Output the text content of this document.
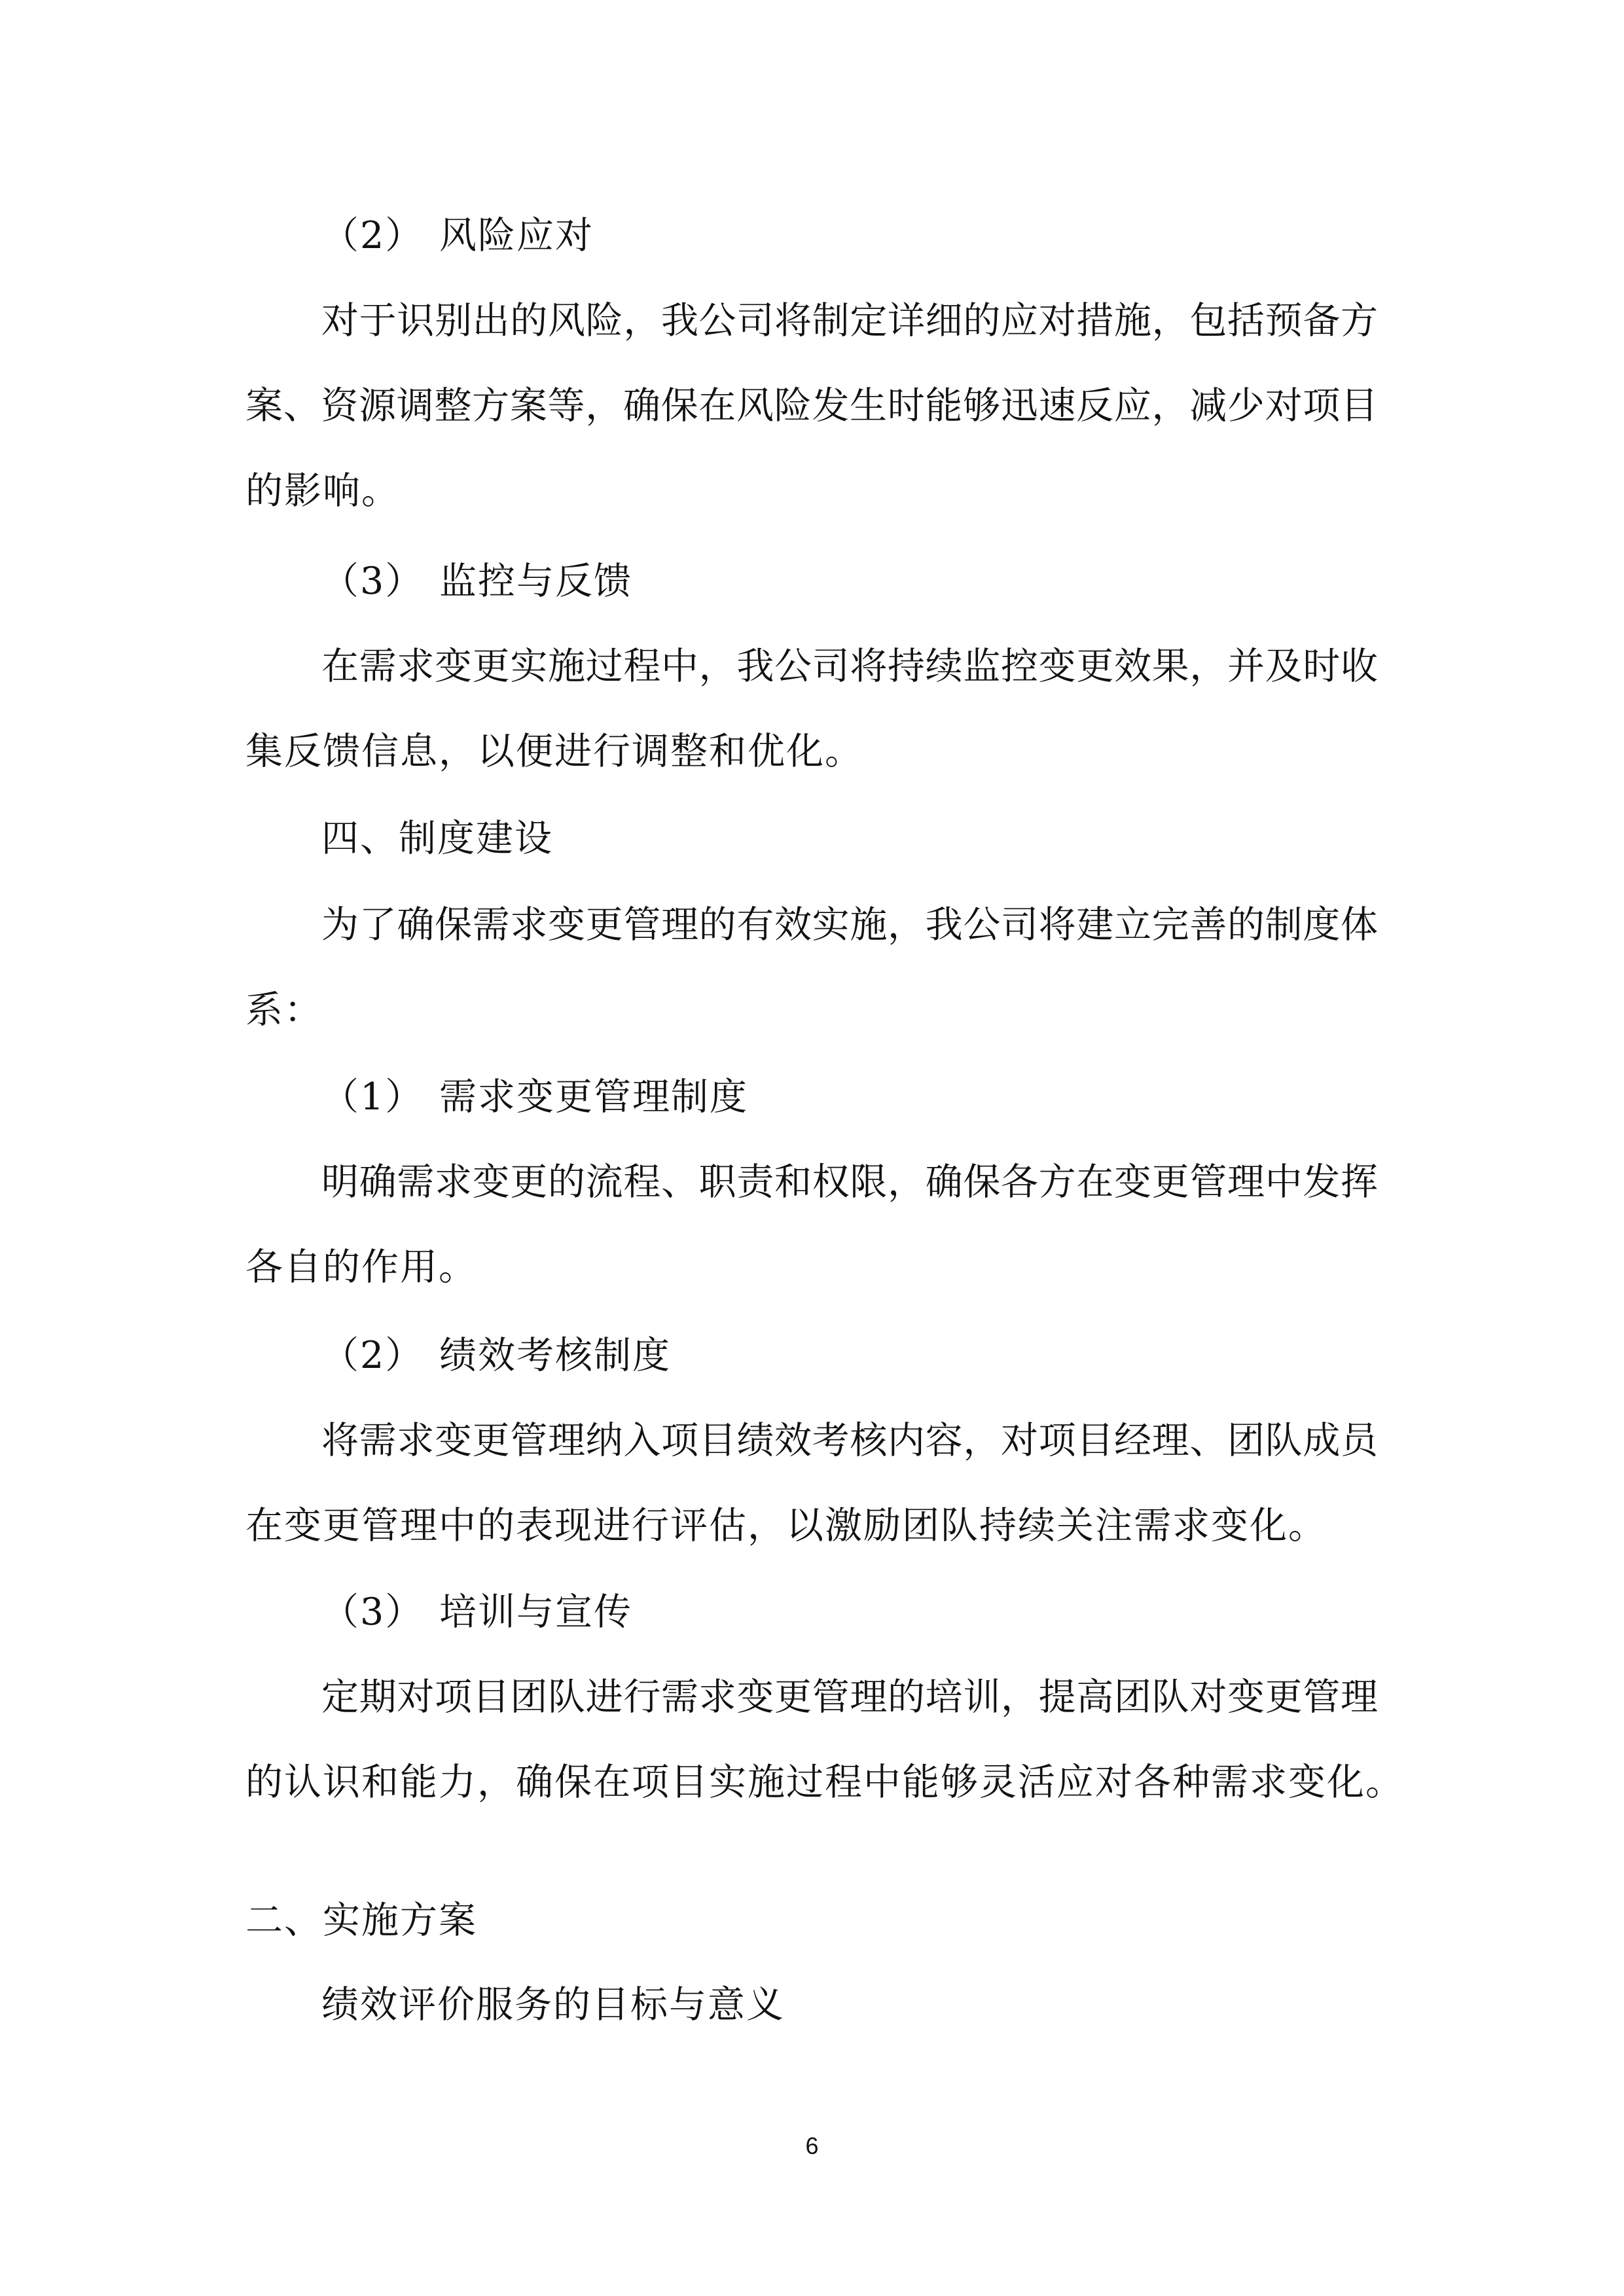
（2） 风险应对
对于识别出的风险，我公司将制定详细的应对措施，包括预备方
案、资源调整方案等，确保在风险发生时能够迅速反应，减少对项目
的影响。
（3） 监控与反馈
在需求变更实施过程中，我公司将持续监控变更效果，并及时收
集反馈信息，以便进行调整和优化。
四、制度建设
为了确保需求变更管理的有效实施，我公司将建立完善的制度体
系：
（1） 需求变更管理制度
明确需求变更的流程、职责和权限，确保各方在变更管理中发挥
各自的作用。
（2） 绩效考核制度
将需求变更管理纳入项目绩效考核内容，对项目经理、团队成员
在变更管理中的表现进行评估，以激励团队持续关注需求变化。
（3） 培训与宣传
定期对项目团队进行需求变更管理的培训，提高团队对变更管理
的认识和能力，确保在项目实施过程中能够灵活应对各种需求变化。
二、实施方案
绩效评价服务的目标与意义
6
